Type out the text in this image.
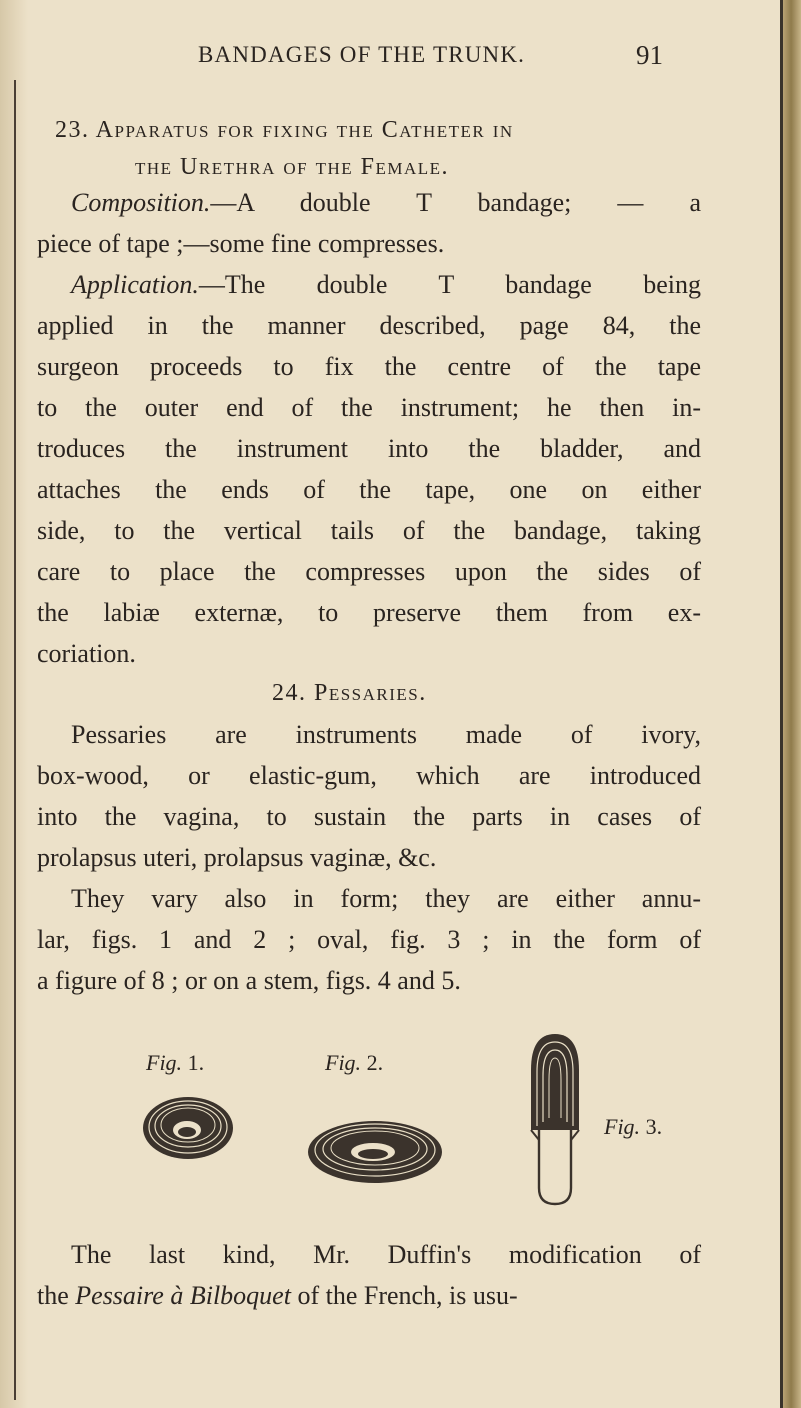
BANDAGES OF THE TRUNK.	91
23. Apparatus for fixing the Catheter in
the Urethra of the Female.
Composition.—A double T bandage; — a
piece of tape ;—some fine compresses.
Application.—The double T bandage being
applied in the manner described, page 84, the
surgeon proceeds to fix the centre of the tape
to the outer end of the instrument; he then in-
troduces the instrument into the bladder, and
attaches the ends of the tape, one on either
side, to the vertical tails of the bandage, taking
care to place the compresses upon the sides of
the labiæ externæ, to preserve them from ex-
coriation.
24. Pessaries.
Pessaries are instruments made of ivory,
box-wood, or elastic-gum, which are introduced
into the vagina, to sustain the parts in cases of
prolapsus uteri, prolapsus vaginæ, &c.
They vary also in form; they are either annu-
lar, figs. 1 and 2 ; oval, fig. 3 ; in the form of
a figure of 8 ; or on a stem, figs. 4 and 5.
Fig. 1.	Fig. 2.
Fig. 3.
The last kind, Mr. Duffin's modification of
the Pessaire à Bilboquet of the French, is usu-
